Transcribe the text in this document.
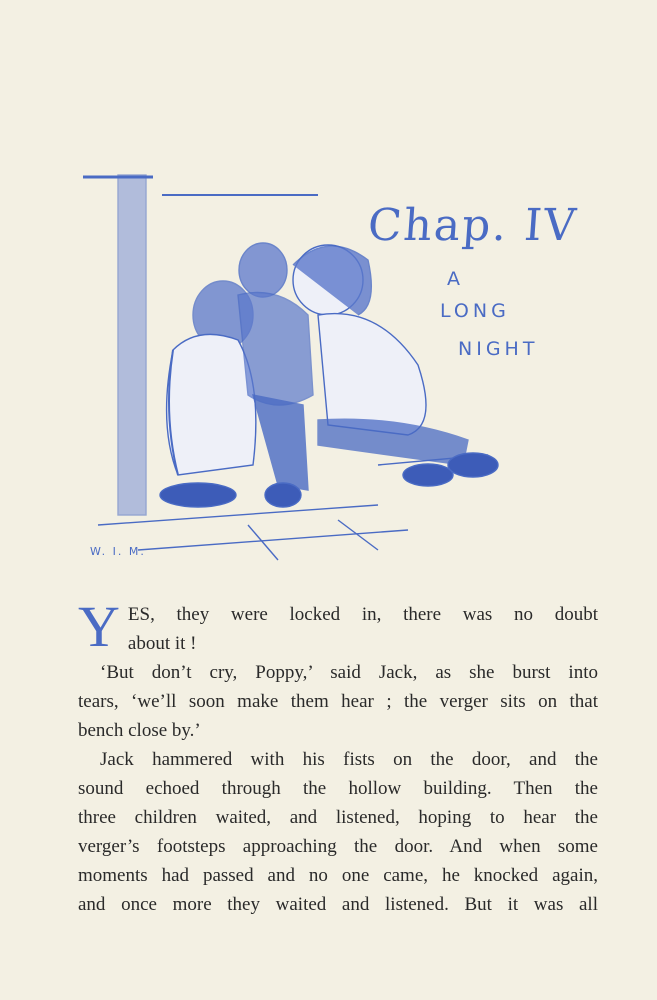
Chap. IV
A
LONG
NIGHT
W. I. M.
Y ES, they were locked in, there was no doubt
about it !
‘But don’t cry, Poppy,’ said Jack, as she burst into
tears, ‘we’ll soon make them hear ; the verger sits on that
bench close by.’
Jack hammered with his fists on the door, and the
sound echoed through the hollow building. Then the
three children waited, and listened, hoping to hear the
verger’s footsteps approaching the door. And when some
moments had passed and no one came, he knocked again,
and once more they waited and listened. But it was all
